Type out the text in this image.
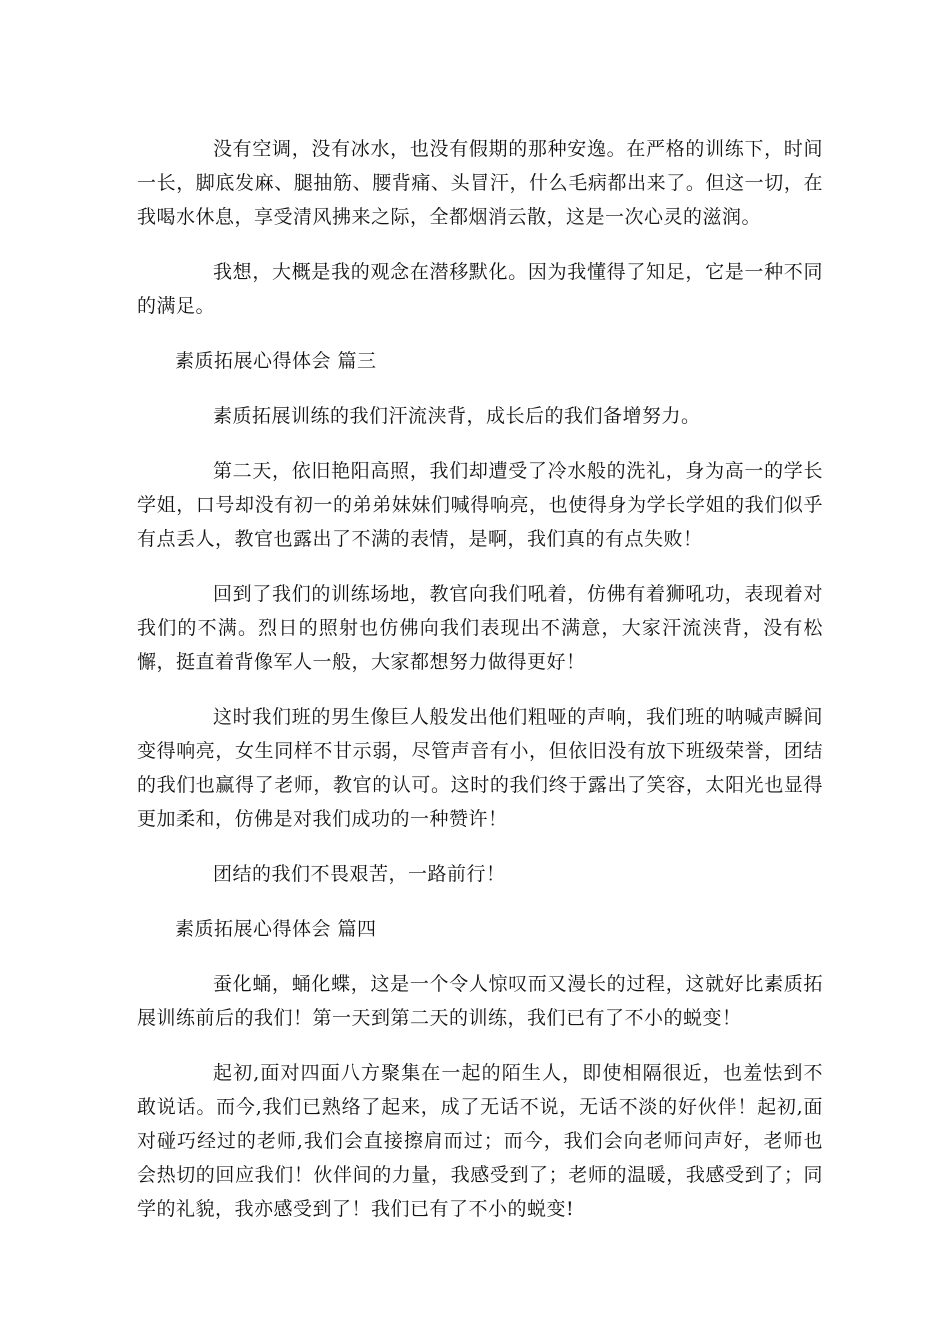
没有空调，没有冰水，也没有假期的那种安逸。在严格的训练下，时间一长，脚底发麻、腿抽筋、腰背痛、头冒汗，什么毛病都出来了。但这一切，在我喝水休息，享受清风拂来之际，全都烟消云散，这是一次心灵的滋润。

我想，大概是我的观念在潜移默化。因为我懂得了知足，它是一种不同的满足。

素质拓展心得体会 篇三

素质拓展训练的我们汗流浃背，成长后的我们备增努力。

第二天，依旧艳阳高照，我们却遭受了冷水般的洗礼，身为高一的学长学姐，口号却没有初一的弟弟妹妹们喊得响亮，也使得身为学长学姐的我们似乎有点丢人，教官也露出了不满的表情，是啊，我们真的有点失败！

回到了我们的训练场地，教官向我们吼着，仿佛有着狮吼功，表现着对我们的不满。烈日的照射也仿佛向我们表现出不满意，大家汗流浃背，没有松懈，挺直着背像军人一般，大家都想努力做得更好！

这时我们班的男生像巨人般发出他们粗哑的声响，我们班的呐喊声瞬间变得响亮，女生同样不甘示弱，尽管声音有小，但依旧没有放下班级荣誉，团结的我们也赢得了老师，教官的认可。这时的我们终于露出了笑容，太阳光也显得更加柔和，仿佛是对我们成功的一种赞许！

团结的我们不畏艰苦，一路前行！

素质拓展心得体会 篇四

蚕化蛹，蛹化蝶，这是一个令人惊叹而又漫长的过程，这就好比素质拓展训练前后的我们！第一天到第二天的训练，我们已有了不小的蜕变！

起初,面对四面八方聚集在一起的陌生人，即使相隔很近，也羞怯到不敢说话。而今,我们已熟络了起来，成了无话不说，无话不淡的好伙伴！起初,面对碰巧经过的老师,我们会直接擦肩而过；而今，我们会向老师问声好，老师也会热切的回应我们！伙伴间的力量，我感受到了；老师的温暖，我感受到了；同学的礼貌，我亦感受到了！我们已有了不小的蜕变!
